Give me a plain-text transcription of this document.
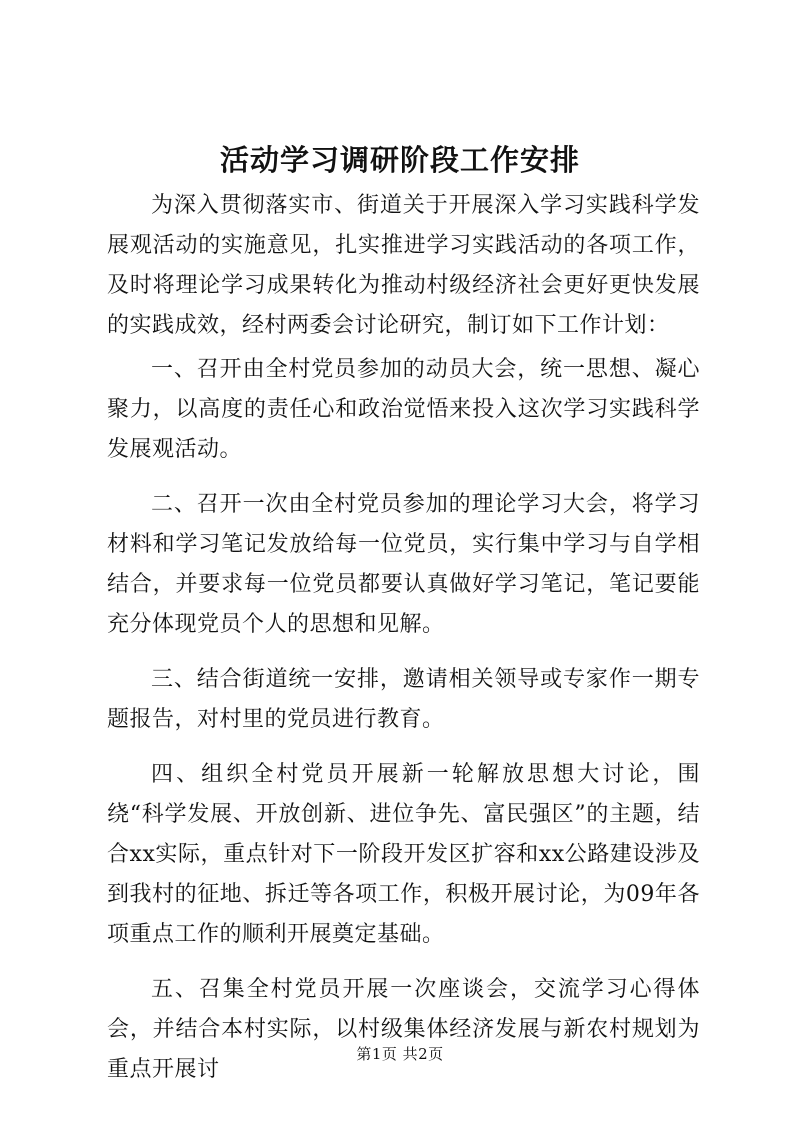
活动学习调研阶段工作安排

为深入贯彻落实市、街道关于开展深入学习实践科学发展观活动的实施意见，扎实推进学习实践活动的各项工作，及时将理论学习成果转化为推动村级经济社会更好更快发展的实践成效，经村两委会讨论研究，制订如下工作计划：

一、召开由全村党员参加的动员大会，统一思想、凝心聚力，以高度的责任心和政治觉悟来投入这次学习实践科学发展观活动。

二、召开一次由全村党员参加的理论学习大会，将学习材料和学习笔记发放给每一位党员，实行集中学习与自学相结合，并要求每一位党员都要认真做好学习笔记，笔记要能充分体现党员个人的思想和见解。

三、结合街道统一安排，邀请相关领导或专家作一期专题报告，对村里的党员进行教育。

四、组织全村党员开展新一轮解放思想大讨论，围绕“科学发展、开放创新、进位争先、富民强区”的主题，结合xx实际，重点针对下一阶段开发区扩容和xx公路建设涉及到我村的征地、拆迁等各项工作，积极开展讨论，为09年各项重点工作的顺利开展奠定基础。

五、召集全村党员开展一次座谈会，交流学习心得体会，并结合本村实际，以村级集体经济发展与新农村规划为重点开展讨

第1页 共2页
